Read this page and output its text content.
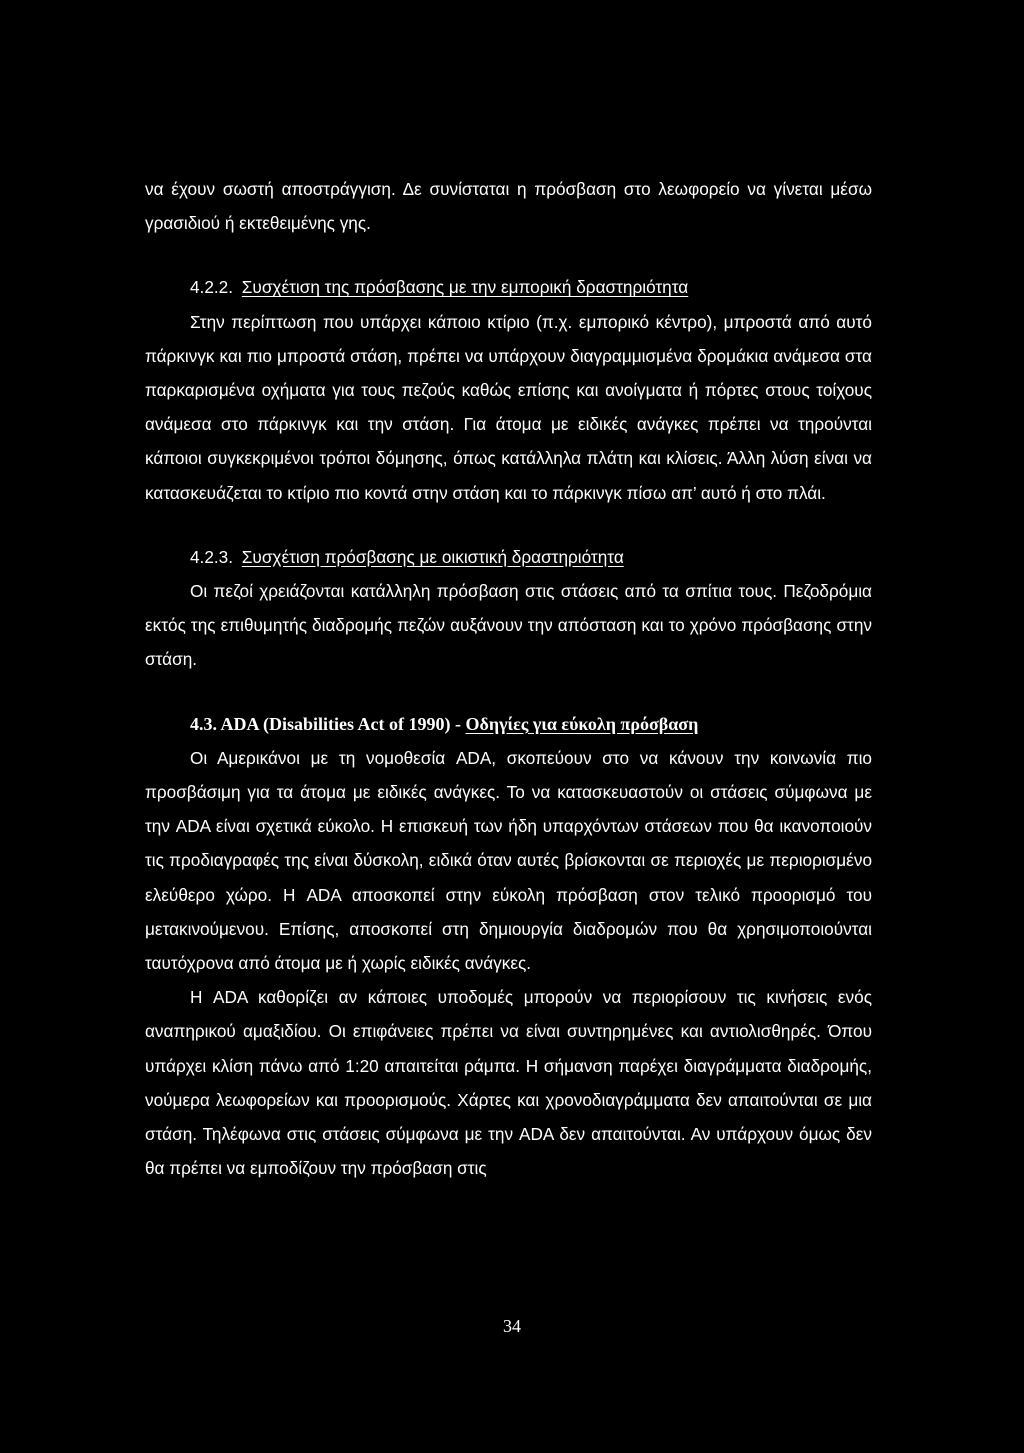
να έχουν σωστή αποστράγγιση. Δε συνίσταται η πρόσβαση στο λεωφορείο να γίνεται μέσω γρασιδιού ή εκτεθειμένης γης.

4.2.2. Συσχέτιση της πρόσβασης με την εμπορική δραστηριότητα

Στην περίπτωση που υπάρχει κάποιο κτίριο (π.χ. εμπορικό κέντρο), μπροστά από αυτό πάρκινγκ και πιο μπροστά στάση, πρέπει να υπάρχουν διαγραμμισμένα δρομάκια ανάμεσα στα παρκαρισμένα οχήματα για τους πεζούς καθώς επίσης και ανοίγματα ή πόρτες στους τοίχους ανάμεσα στο πάρκινγκ και την στάση. Για άτομα με ειδικές ανάγκες πρέπει να τηρούνται κάποιοι συγκεκριμένοι τρόποι δόμησης, όπως κατάλληλα πλάτη και κλίσεις. Άλλη λύση είναι να κατασκευάζεται το κτίριο πιο κοντά στην στάση και το πάρκινγκ πίσω απ’ αυτό ή στο πλάι.

4.2.3. Συσχέτιση πρόσβασης με οικιστική δραστηριότητα

Οι πεζοί χρειάζονται κατάλληλη πρόσβαση στις στάσεις από τα σπίτια τους. Πεζοδρόμια εκτός της επιθυμητής διαδρομής πεζών αυξάνουν την απόσταση και το χρόνο πρόσβασης στην στάση.

4.3. ADA (Disabilities Act of 1990) - Οδηγίες για εύκολη πρόσβαση

Οι Αμερικάνοι με τη νομοθεσία ADA, σκοπεύουν στο να κάνουν την κοινωνία πιο προσβάσιμη για τα άτομα με ειδικές ανάγκες. Το να κατασκευαστούν οι στάσεις σύμφωνα με την ADA είναι σχετικά εύκολο. Η επισκευή των ήδη υπαρχόντων στάσεων που θα ικανοποιούν τις προδιαγραφές της είναι δύσκολη, ειδικά όταν αυτές βρίσκονται σε περιοχές με περιορισμένο ελεύθερο χώρο. Η ADA αποσκοπεί στην εύκολη πρόσβαση στον τελικό προορισμό του μετακινούμενου. Επίσης, αποσκοπεί στη δημιουργία διαδρομών που θα χρησιμοποιούνται ταυτόχρονα από άτομα με ή χωρίς ειδικές ανάγκες.

Η ADA καθορίζει αν κάποιες υποδομές μπορούν να περιορίσουν τις κινήσεις ενός αναπηρικού αμαξιδίου. Οι επιφάνειες πρέπει να είναι συντηρημένες και αντιολισθηρές. Όπου υπάρχει κλίση πάνω από 1:20 απαιτείται ράμπα. Η σήμανση παρέχει διαγράμματα διαδρομής, νούμερα λεωφορείων και προορισμούς. Χάρτες και χρονοδιαγράμματα δεν απαιτούνται σε μια στάση. Τηλέφωνα στις στάσεις σύμφωνα με την ADA δεν απαιτούνται. Αν υπάρχουν όμως δεν θα πρέπει να εμποδίζουν την πρόσβαση στις

34
